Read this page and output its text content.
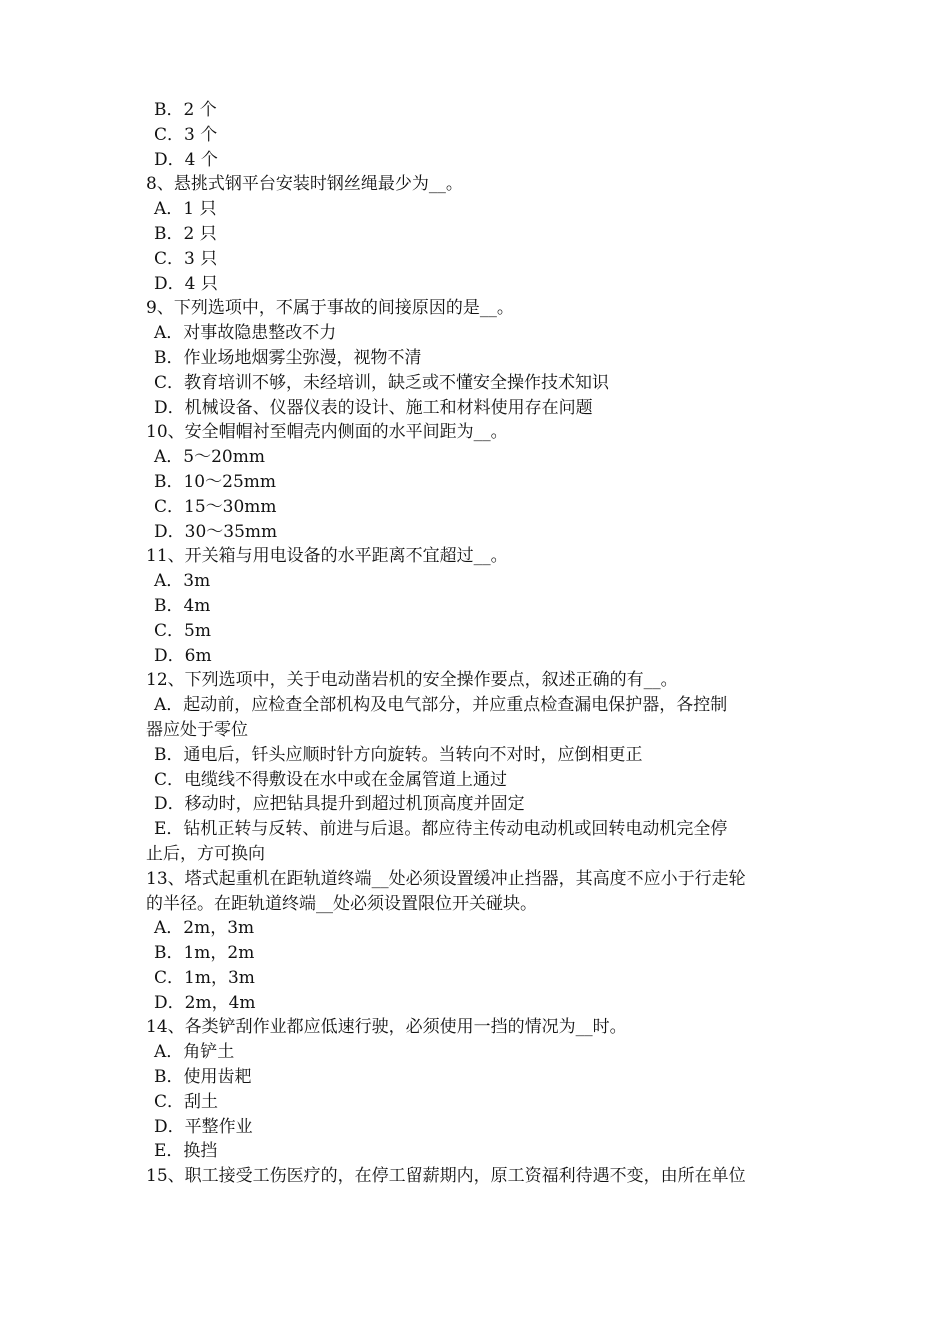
B．2 个
C．3 个
D．4 个
8、悬挑式钢平台安装时钢丝绳最少为__。
A．1 只
B．2 只
C．3 只
D．4 只
9、下列选项中，不属于事故的间接原因的是__。
A．对事故隐患整改不力
B．作业场地烟雾尘弥漫，视物不清
C．教育培训不够，未经培训，缺乏或不懂安全操作技术知识
D．机械设备、仪器仪表的设计、施工和材料使用存在问题
10、安全帽帽衬至帽壳内侧面的水平间距为__。
A．5～20mm
B．10～25mm
C．15～30mm
D．30～35mm
11、开关箱与用电设备的水平距离不宜超过__。
A．3m
B．4m
C．5m
D．6m
12、下列选项中，关于电动凿岩机的安全操作要点，叙述正确的有__。
A．起动前，应检查全部机构及电气部分，并应重点检查漏电保护器，各控制
器应处于零位
B．通电后，钎头应顺时针方向旋转。当转向不对时，应倒相更正
C．电缆线不得敷设在水中或在金属管道上通过
D．移动时，应把钻具提升到超过机顶高度并固定
E．钻机正转与反转、前进与后退。都应待主传动电动机或回转电动机完全停
止后，方可换向
13、塔式起重机在距轨道终端__处必须设置缓冲止挡器，其高度不应小于行走轮
的半径。在距轨道终端__处必须设置限位开关碰块。
A．2m，3m
B．1m，2m
C．1m，3m
D．2m，4m
14、各类铲刮作业都应低速行驶，必须使用一挡的情况为__时。
A．角铲土
B．使用齿耙
C．刮土
D．平整作业
E．换挡
15、职工接受工伤医疗的，在停工留薪期内，原工资福利待遇不变，由所在单位
